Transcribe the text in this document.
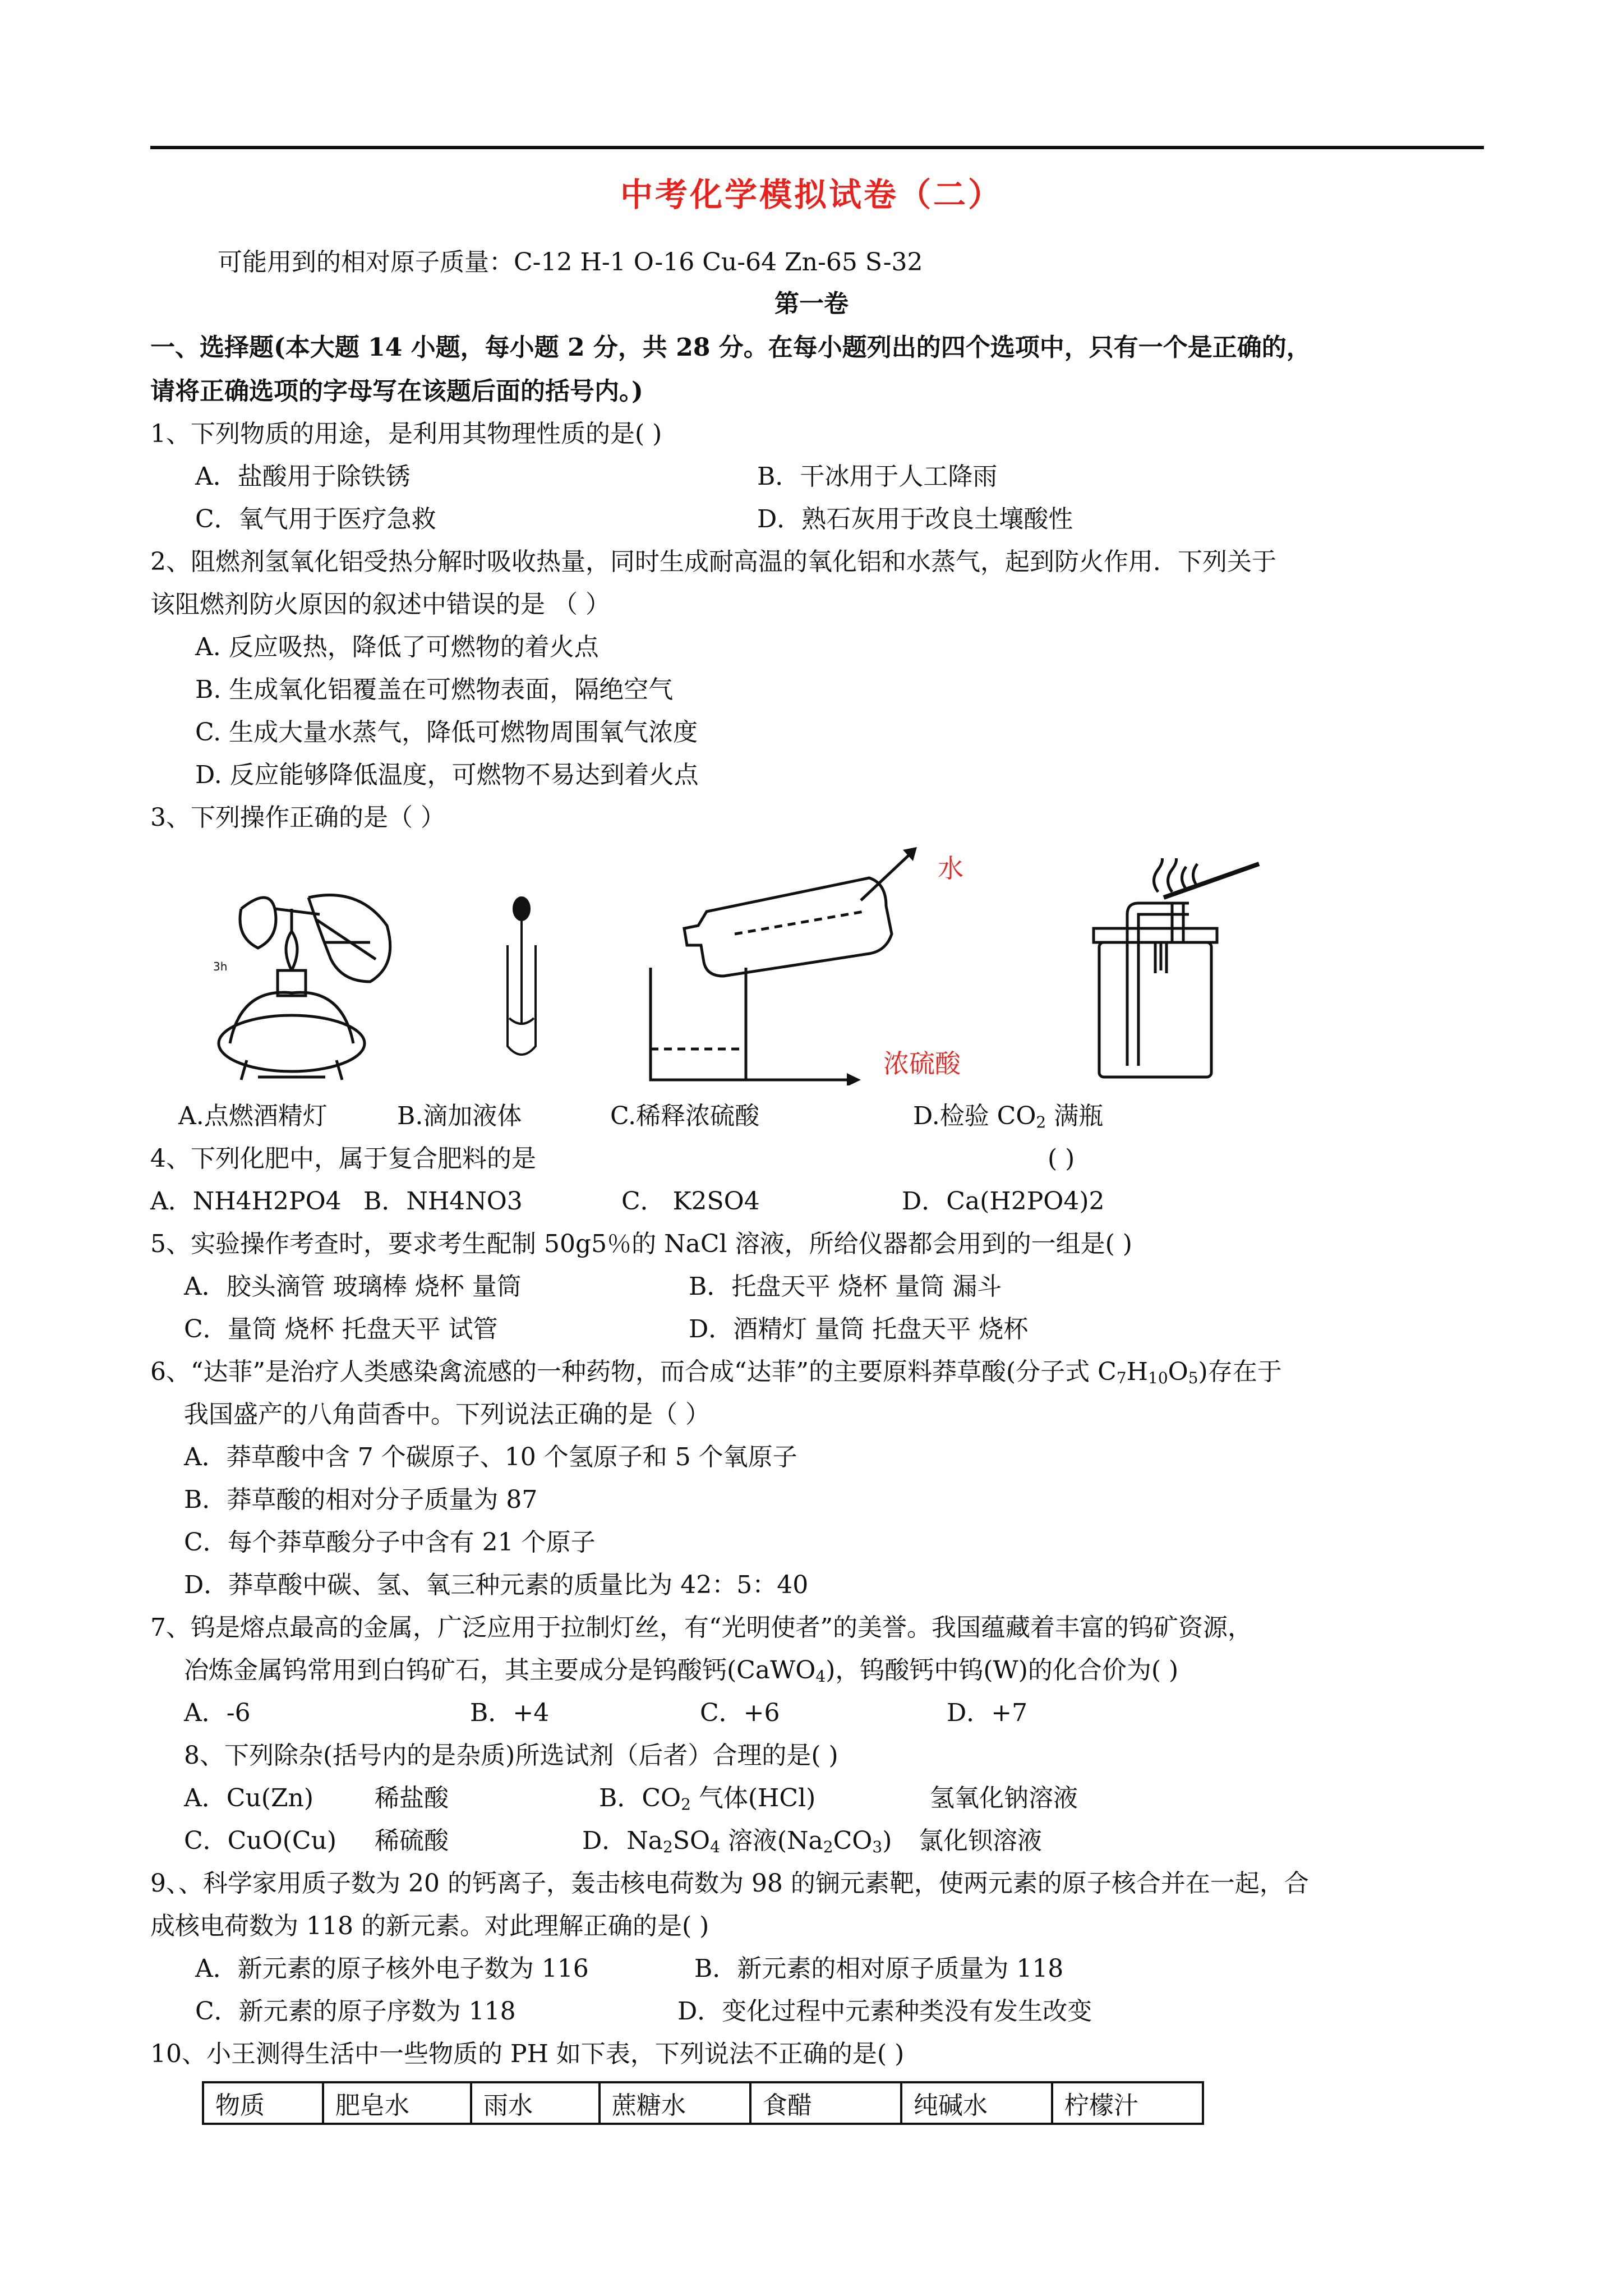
中考化学模拟试卷（二）
可能用到的相对原子质量：C-12 H-1 O-16 Cu-64 Zn-65 S-32
第一卷
一、选择题(本大题 14 小题，每小题 2 分，共 28 分。在每小题列出的四个选项中，只有一个是正确的，
请将正确选项的字母写在该题后面的括号内。)
1、下列物质的用途，是利用其物理性质的是( )
A．盐酸用于除铁锈	B．干冰用于人工降雨
C．氧气用于医疗急救	D．熟石灰用于改良土壤酸性
2、阻燃剂氢氧化铝受热分解时吸收热量，同时生成耐高温的氧化铝和水蒸气，起到防火作用．下列关于
该阻燃剂防火原因的叙述中错误的是 （ ）
A. 反应吸热，降低了可燃物的着火点
B. 生成氧化铝覆盖在可燃物表面，隔绝空气
C. 生成大量水蒸气，降低可燃物周围氧气浓度
D. 反应能够降低温度，可燃物不易达到着火点
3、下列操作正确的是（ ）
3h
水
浓硫酸
A.点燃酒精灯	B.滴加液体	C.稀释浓硫酸	D.检验 $CO_2$ 满瓶
4、下列化肥中，属于复合肥料的是	( )
A．NH4H2PO4 B．NH4NO3	C． K2SO4	D．Ca(H2PO4)2
5、实验操作考查时，要求考生配制 50g5％的 NaCl 溶液，所给仪器都会用到的一组是( )
A．胶头滴管 玻璃棒 烧杯 量筒	B．托盘天平 烧杯 量筒 漏斗
C．量筒 烧杯 托盘天平 试管	D．酒精灯 量筒 托盘天平 烧杯
6、“达菲”是治疗人类感染禽流感的一种药物，而合成“达菲”的主要原料莽草酸(分子式 $C_7H_{10}O_5$)存在于
我国盛产的八角茴香中。下列说法正确的是（ ）
A．莽草酸中含 7 个碳原子、10 个氢原子和 5 个氧原子
B．莽草酸的相对分子质量为 87
C．每个莽草酸分子中含有 21 个原子
D．莽草酸中碳、氢、氧三种元素的质量比为 42：5：40
7、钨是熔点最高的金属，广泛应用于拉制灯丝，有“光明使者”的美誉。我国蕴藏着丰富的钨矿资源，
冶炼金属钨常用到白钨矿石，其主要成分是钨酸钙(CaWO$_4$)，钨酸钙中钨(W)的化合价为( )
A．-6	B．+4	C．+6	D．+7
8、下列除杂(括号内的是杂质)所选试剂（后者）合理的是( )
A．Cu(Zn) 稀盐酸	B．$CO_2$ 气体(HCl)	氢氧化钠溶液
C．CuO(Cu) 稀硫酸	D．$Na_2SO_4$ 溶液$(Na_2CO_3)$ 氯化钡溶液
9、、科学家用质子数为 20 的钙离子，轰击核电荷数为 98 的锎元素靶，使两元素的原子核合并在一起，合
成核电荷数为 118 的新元素。对此理解正确的是( )
A．新元素的原子核外电子数为 116	B．新元素的相对原子质量为 118
C．新元素的原子序数为 118	D．变化过程中元素种类没有发生改变
10、小王测得生活中一些物质的 PH 如下表，下列说法不正确的是( )
物质	肥皂水	雨水	蔗糖水	食醋	纯碱水	柠檬汁
